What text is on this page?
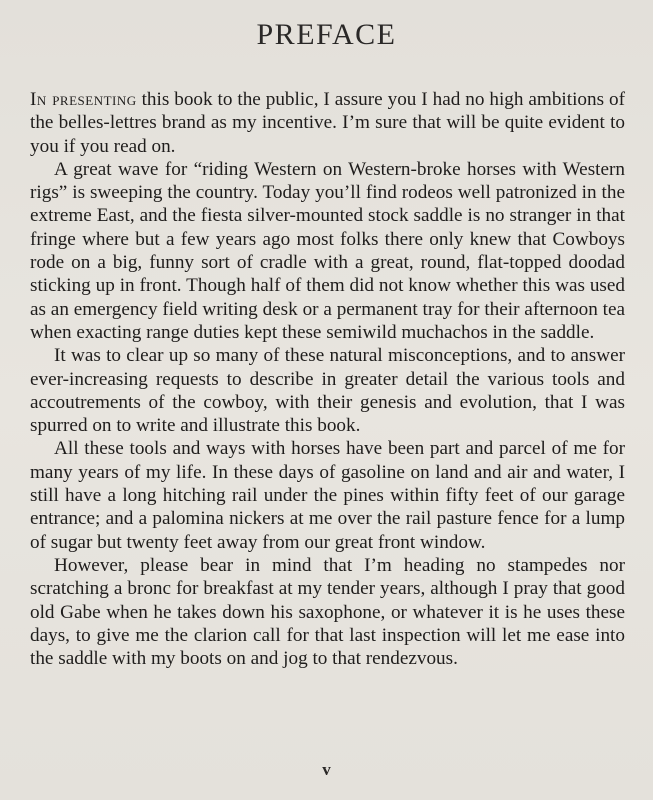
PREFACE

In presenting this book to the public, I assure you I had no high ambitions of the belles-lettres brand as my incentive. I’m sure that will be quite evident to you if you read on.

A great wave for “riding Western on Western-broke horses with Western rigs” is sweeping the country. Today you’ll find rodeos well patronized in the extreme East, and the fiesta silver-mounted stock saddle is no stranger in that fringe where but a few years ago most folks there only knew that Cowboys rode on a big, funny sort of cradle with a great, round, flat-topped doodad sticking up in front. Though half of them did not know whether this was used as an emergency field writing desk or a permanent tray for their afternoon tea when exacting range duties kept these semiwild muchachos in the saddle.

It was to clear up so many of these natural misconceptions, and to answer ever-increasing requests to describe in greater detail the various tools and accoutrements of the cowboy, with their genesis and evolution, that I was spurred on to write and illustrate this book.

All these tools and ways with horses have been part and parcel of me for many years of my life. In these days of gasoline on land and air and water, I still have a long hitching rail under the pines within fifty feet of our garage entrance; and a palomina nickers at me over the rail pasture fence for a lump of sugar but twenty feet away from our great front window.

However, please bear in mind that I’m heading no stampedes nor scratching a bronc for breakfast at my tender years, although I pray that good old Gabe when he takes down his saxophone, or whatever it is he uses these days, to give me the clarion call for that last inspection will let me ease into the saddle with my boots on and jog to that rendezvous.

v
